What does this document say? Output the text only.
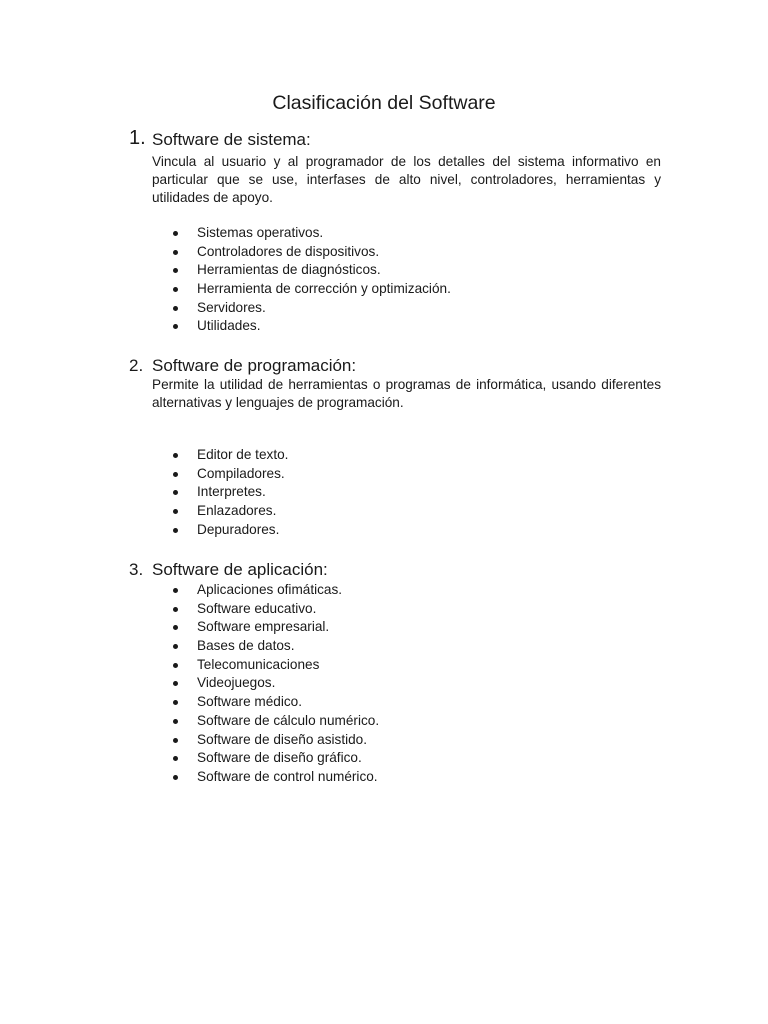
Clasificación del Software
1. Software de sistema:

Vincula al usuario y al programador de los detalles del sistema informativo en particular que se use, interfases de alto nivel, controladores, herramientas y utilidades de apoyo.

Sistemas operativos.
Controladores de dispositivos.
Herramientas de diagnósticos.
Herramienta de corrección y optimización.
Servidores.
Utilidades.
2. Software de programación:

Permite la utilidad de herramientas o programas de informática, usando diferentes alternativas y lenguajes de programación.

Editor de texto.
Compiladores.
Interpretes.
Enlazadores.
Depuradores.
3. Software de aplicación:
Aplicaciones ofimáticas.
Software educativo.
Software empresarial.
Bases de datos.
Telecomunicaciones
Videojuegos.
Software médico.
Software de cálculo numérico.
Software de diseño asistido.
Software de diseño gráfico.
Software de control numérico.
